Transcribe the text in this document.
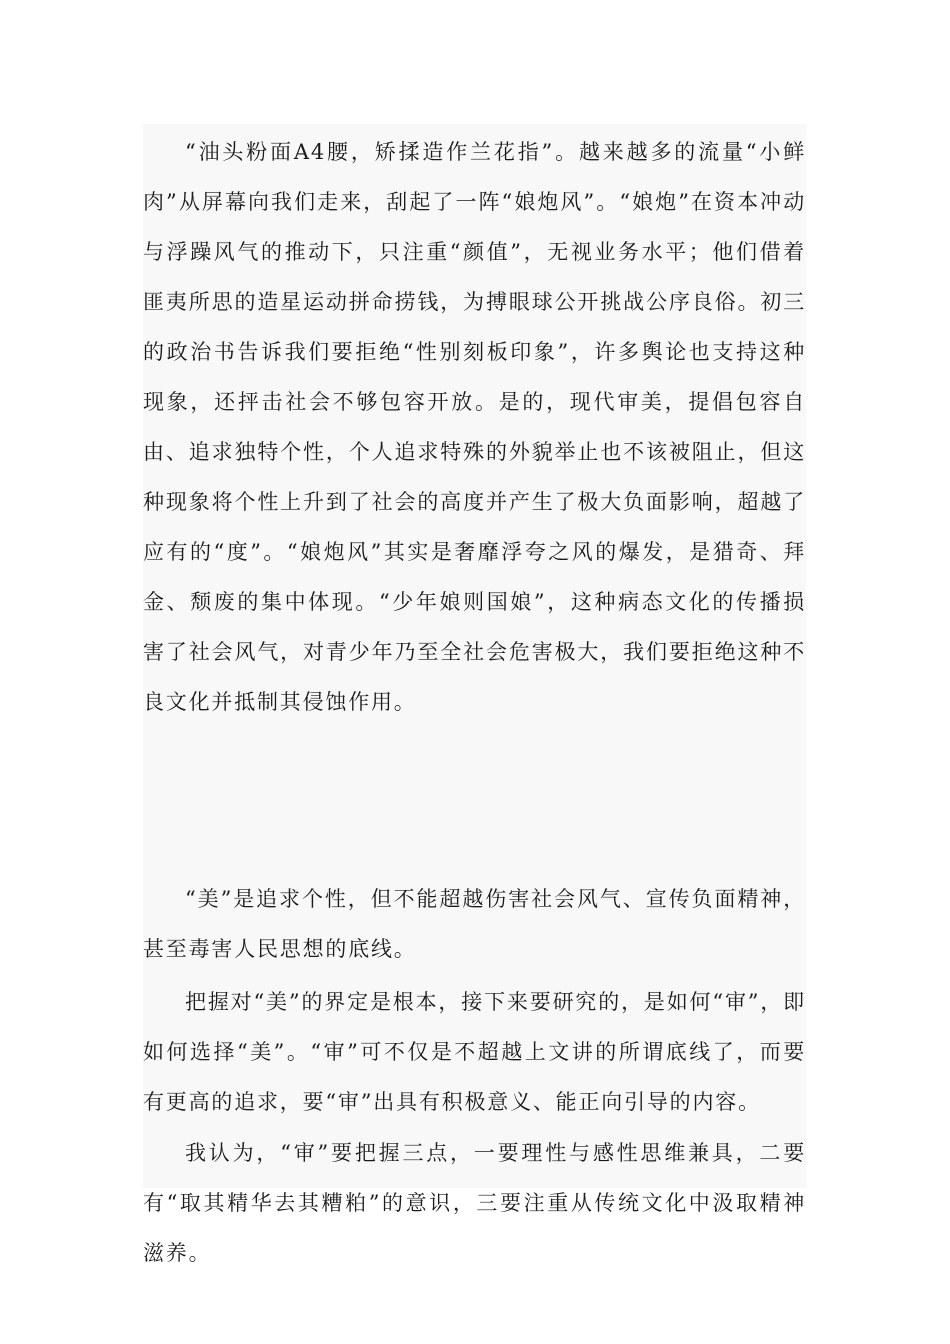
“油头粉面A4腰，矫揉造作兰花指”。越来越多的流量“小鲜肉”从屏幕向我们走来，刮起了一阵“娘炮风”。“娘炮”在资本冲动与浮躁风气的推动下，只注重“颜值”，无视业务水平；他们借着匪夷所思的造星运动拼命捞钱，为搏眼球公开挑战公序良俗。初三的政治书告诉我们要拒绝“性别刻板印象”，许多舆论也支持这种现象，还抨击社会不够包容开放。是的，现代审美，提倡包容自由、追求独特个性，个人追求特殊的外貌举止也不该被阻止，但这种现象将个性上升到了社会的高度并产生了极大负面影响，超越了应有的“度”。“娘炮风”其实是奢靡浮夸之风的爆发，是猎奇、拜金、颓废的集中体现。“少年娘则国娘”，这种病态文化的传播损害了社会风气，对青少年乃至全社会危害极大，我们要拒绝这种不良文化并抵制其侵蚀作用。

“美”是追求个性，但不能超越伤害社会风气、宣传负面精神，甚至毒害人民思想的底线。

把握对“美”的界定是根本，接下来要研究的，是如何“审”，即如何选择“美”。“审”可不仅是不超越上文讲的所谓底线了，而要有更高的追求，要“审”出具有积极意义、能正向引导的内容。

我认为，“审”要把握三点，一要理性与感性思维兼具，二要有“取其精华去其糟粕”的意识，三要注重从传统文化中汲取精神滋养。
